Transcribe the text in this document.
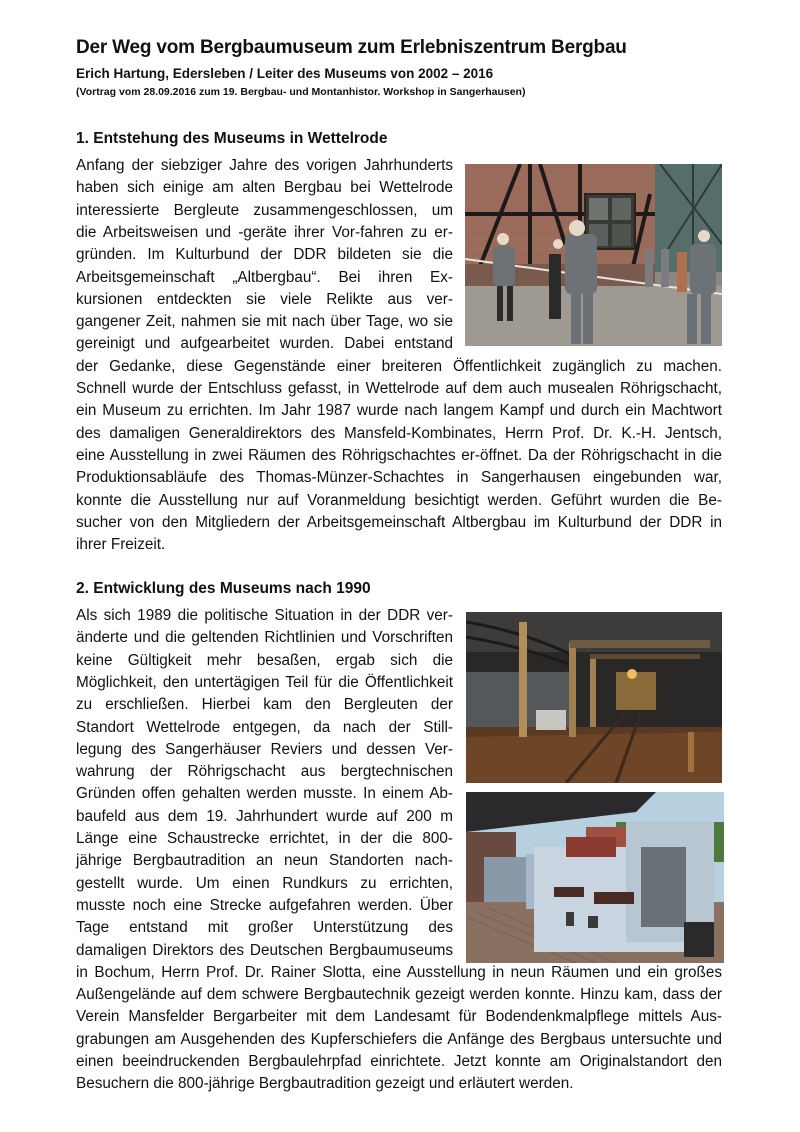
Der Weg vom Bergbaumuseum zum Erlebniszentrum Bergbau
Erich Hartung, Edersleben / Leiter des Museums von 2002 – 2016
(Vortrag vom 28.09.2016 zum 19. Bergbau- und Montanhistor. Workshop in Sangerhausen)
1. Entstehung des Museums in Wettelrode
Anfang der siebziger Jahre des vorigen Jahrhunderts
haben sich einige am alten Bergbau bei Wettelrode
interessierte Bergleute zusammengeschlossen, um
die Arbeitsweisen und -geräte ihrer Vor-fahren zu er-
gründen. Im Kulturbund der DDR bildeten sie die
Arbeitsgemeinschaft „Altbergbau“. Bei ihren Ex-
kursionen entdeckten sie viele Relikte aus ver-
gangener Zeit, nahmen sie mit nach über Tage, wo sie
gereinigt und aufgearbeitet wurden. Dabei entstand
der Gedanke, diese Gegenstände einer breiteren Öffentlichkeit zugänglich zu machen.
Schnell wurde der Entschluss gefasst, in Wettelrode auf dem auch musealen Röhrigschacht,
ein Museum zu errichten. Im Jahr 1987 wurde nach langem Kampf und durch ein Machtwort
des damaligen Generaldirektors des Mansfeld-Kombinates, Herrn Prof. Dr. K.-H. Jentsch,
eine Ausstellung in zwei Räumen des Röhrigschachtes er-öffnet. Da der Röhrigschacht in die
Produktionsabläufe des Thomas-Münzer-Schachtes in Sangerhausen eingebunden war,
konnte die Ausstellung nur auf Voranmeldung besichtigt werden. Geführt wurden die Be-
sucher von den Mitgliedern der Arbeitsgemeinschaft Altbergbau im Kulturbund der DDR in
ihrer Freizeit.
2. Entwicklung des Museums nach 1990
Als sich 1989 die politische Situation in der DDR ver-
änderte und die geltenden Richtlinien und Vorschriften
keine Gültigkeit mehr besaßen, ergab sich die
Möglichkeit, den untertägigen Teil für die Öffentlichkeit
zu erschließen. Hierbei kam den Bergleuten der
Standort Wettelrode entgegen, da nach der Still-
legung des Sangerhäuser Reviers und dessen Ver-
wahrung der Röhrigschacht aus bergtechnischen
Gründen offen gehalten werden musste. In einem Ab-
baufeld aus dem 19. Jahrhundert wurde auf 200 m
Länge eine Schaustrecke errichtet, in der die 800-
jährige Bergbautradition an neun Standorten nach-
gestellt wurde. Um einen Rundkurs zu errichten,
musste noch eine Strecke aufgefahren werden. Über
Tage entstand mit großer Unterstützung des
damaligen Direktors des Deutschen Bergbaumuseums
in Bochum, Herrn Prof. Dr. Rainer Slotta, eine Ausstellung in neun Räumen und ein großes
Außengelände auf dem schwere Bergbautechnik gezeigt werden konnte. Hinzu kam, dass der
Verein Mansfelder Bergarbeiter mit dem Landesamt für Bodendenkmalpflege mittels Aus-
grabungen am Ausgehenden des Kupferschiefers die Anfänge des Bergbaus untersuchte und
einen beeindruckenden Bergbaulehrpfad einrichtete. Jetzt konnte am Originalstandort den
Besuchern die 800-jährige Bergbautradition gezeigt und erläutert werden.
